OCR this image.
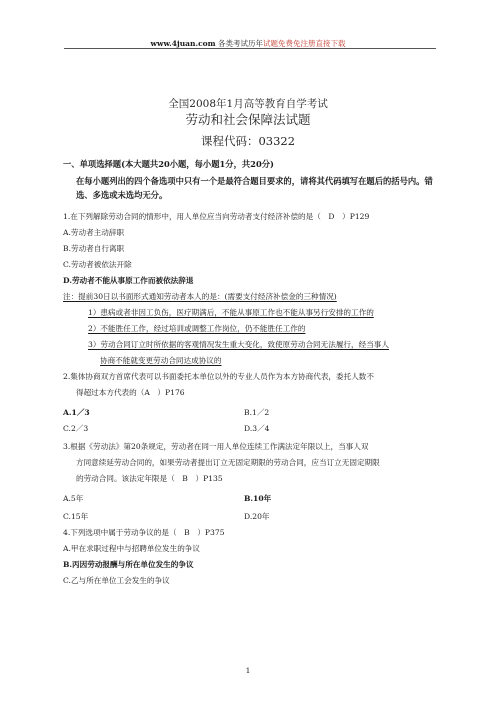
www.4juan.com 各类考试历年试题免费免注册直接下载
全国2008年1月高等教育自学考试
劳动和社会保障法试题
课程代码：03322
一、单项选择题(本大题共20小题，每小题1分，共20分)
在每小题列出的四个备选项中只有一个是最符合题目要求的，请将其代码填写在题后的括号内。错选、多选或未选均无分。
1.在下列解除劳动合同的情形中，用人单位应当向劳动者支付经济补偿的是（　D　）P129
A.劳动者主动辞职
B.劳动者自行离职
C.劳动者被依法开除
D.劳动者不能从事原工作而被依法辞退
注：提前30日以书面形式通知劳动者本人的是：(需要支付经济补偿金的三种情况)
1）患病或者非因工负伤，医疗期满后，不能从事原工作也不能从事另行安排的工作的
2）不能胜任工作，经过培训或调整工作岗位，仍不能胜任工作的
3）劳动合同订立时所依据的客观情况发生重大变化，致使原劳动合同无法履行，经当事人
协商不能就变更劳动合同达成协议的
2.集体协商双方首席代表可以书面委托本单位以外的专业人员作为本方协商代表，委托人数不
得超过本方代表的（A　）P176
A.1／3	B.1／2
C.2／3	D.3／4
3.根据《劳动法》第20条规定，劳动者在同一用人单位连续工作满法定年限以上，当事人双
方同意续延劳动合同的，如果劳动者提出订立无固定期限的劳动合同，应当订立无固定期限
的劳动合同。该法定年限是（　B　）P135
A.5年	B.10年
C.15年	D.20年
4.下列选项中属于劳动争议的是（　B　）P375
A.甲在求职过程中与招聘单位发生的争议
B.丙因劳动报酬与所在单位发生的争议
C.乙与所在单位工会发生的争议
1
